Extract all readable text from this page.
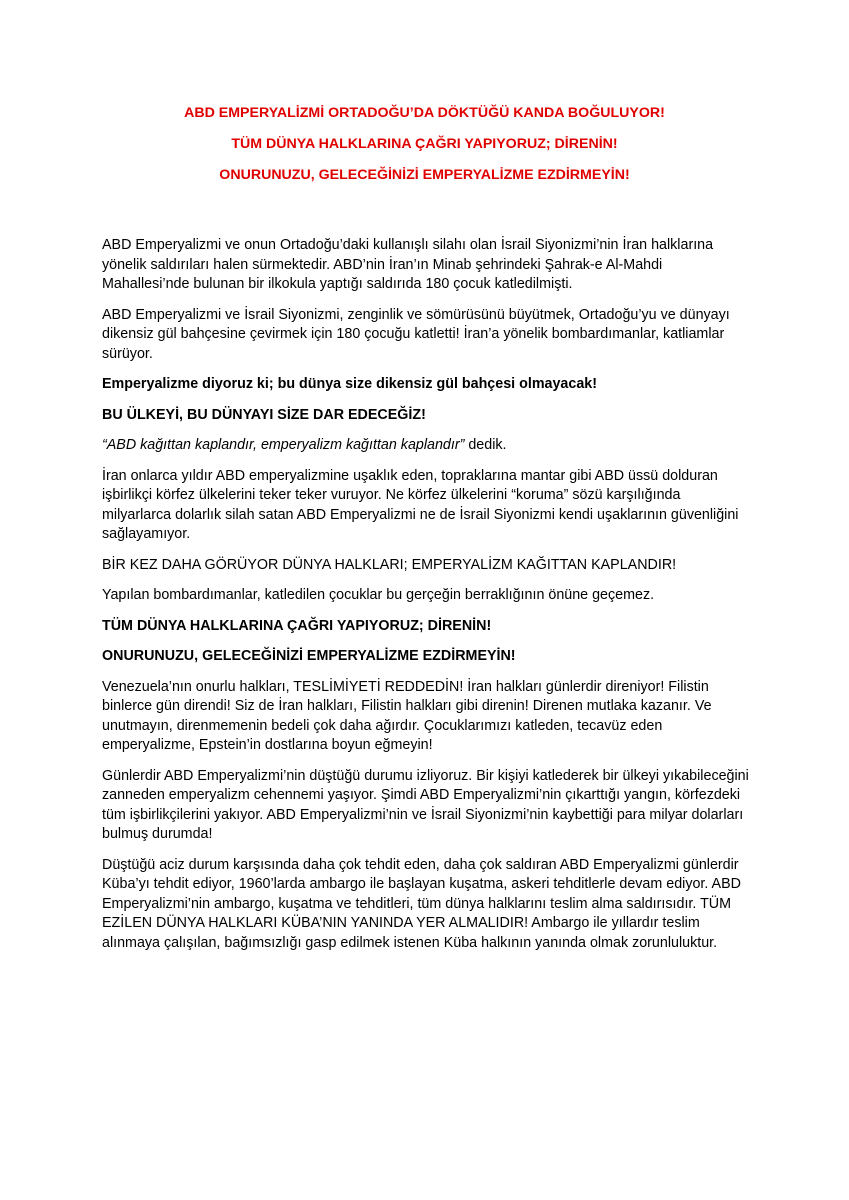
ABD EMPERYALİZMİ ORTADOĞU’DA DÖKTÜĞÜ KANDA BOĞULUYOR!
TÜM DÜNYA HALKLARINA ÇAĞRI YAPIYORUZ; DİRENİN!
ONURUNUZU, GELECEĞİNİZİ EMPERYALİZME EZDİRMEYİN!

ABD Emperyalizmi ve onun Ortadoğu’daki kullanışlı silahı olan İsrail Siyonizmi’nin İran halklarına yönelik saldırıları halen sürmektedir. ABD’nin İran’ın Minab şehrindeki Şahrak-e Al-Mahdi Mahallesi’nde bulunan bir ilkokula yaptığı saldırıda 180 çocuk katledilmişti.

ABD Emperyalizmi ve İsrail Siyonizmi, zenginlik ve sömürüsünü büyütmek, Ortadoğu’yu ve dünyayı dikensiz gül bahçesine çevirmek için 180 çocuğu katletti! İran’a yönelik bombardımanlar, katliamlar sürüyor.

Emperyalizme diyoruz ki; bu dünya size dikensiz gül bahçesi olmayacak!

BU ÜLKEYİ, BU DÜNYAYI SİZE DAR EDECEĞİZ!

“ABD kağıttan kaplandır, emperyalizm kağıttan kaplandır” dedik.

İran onlarca yıldır ABD emperyalizmine uşaklık eden, topraklarına mantar gibi ABD üssü dolduran işbirlikçi körfez ülkelerini teker teker vuruyor. Ne körfez ülkelerini “koruma” sözü karşılığında milyarlarca dolarlık silah satan ABD Emperyalizmi ne de İsrail Siyonizmi kendi uşaklarının güvenliğini sağlayamıyor.

BİR KEZ DAHA GÖRÜYOR DÜNYA HALKLARI; EMPERYALİZM KAĞITTAN KAPLANDIR!

Yapılan bombardımanlar, katledilen çocuklar bu gerçeğin berraklığının önüne geçemez.

TÜM DÜNYA HALKLARINA ÇAĞRI YAPIYORUZ; DİRENİN!

ONURUNUZU, GELECEĞİNİZİ EMPERYALİZME EZDİRMEYİN!

Venezuela’nın onurlu halkları, TESLİMİYETİ REDDEDİN! İran halkları günlerdir direniyor! Filistin binlerce gün direndi! Siz de İran halkları, Filistin halkları gibi direnin! Direnen mutlaka kazanır. Ve unutmayın, direnmemenin bedeli çok daha ağırdır. Çocuklarımızı katleden, tecavüz eden emperyalizme, Epstein’in dostlarına boyun eğmeyin!

Günlerdir ABD Emperyalizmi’nin düştüğü durumu izliyoruz. Bir kişiyi katlederek bir ülkeyi yıkabileceğini zanneden emperyalizm cehennemi yaşıyor. Şimdi ABD Emperyalizmi’nin çıkarttığı yangın, körfezdeki tüm işbirlikçilerini yakıyor. ABD Emperyalizmi’nin ve İsrail Siyonizmi’nin kaybettiği para milyar dolarları bulmuş durumda!

Düştüğü aciz durum karşısında daha çok tehdit eden, daha çok saldıran ABD Emperyalizmi günlerdir Küba’yı tehdit ediyor, 1960’larda ambargo ile başlayan kuşatma, askeri tehditlerle devam ediyor. ABD Emperyalizmi’nin ambargo, kuşatma ve tehditleri, tüm dünya halklarını teslim alma saldırısıdır. TÜM EZİLEN DÜNYA HALKLARI KÜBA’NIN YANINDA YER ALMALIDIR! Ambargo ile yıllardır teslim alınmaya çalışılan, bağımsızlığı gasp edilmek istenen Küba halkının yanında olmak zorunluluktur.
